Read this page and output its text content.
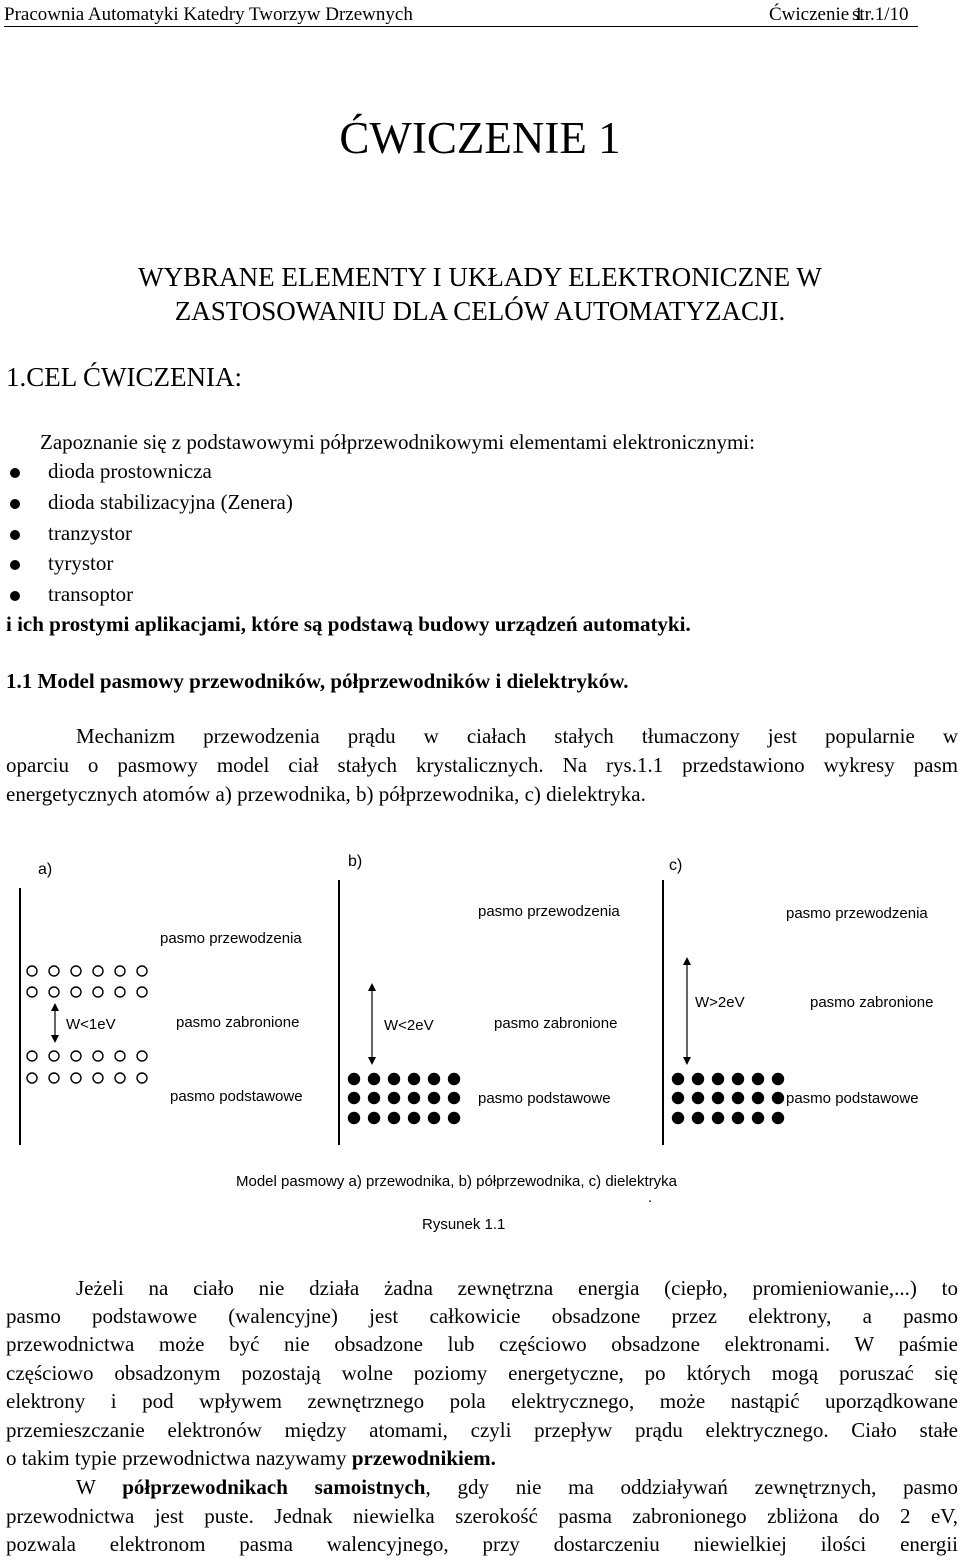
Pracownia Automatyki Katedry Tworzyw Drzewnych	Ćwiczenie 1
str.1/10
ĆWICZENIE 1
WYBRANE ELEMENTY I UKŁADY ELEKTRONICZNE W
ZASTOSOWANIU DLA CELÓW AUTOMATYZACJI.
1.CEL ĆWICZENIA:
Zapoznanie się z podstawowymi półprzewodnikowymi elementami elektronicznymi:
dioda prostownicza
dioda stabilizacyjna (Zenera)
tranzystor
tyrystor
transoptor
i ich prostymi aplikacjami, które są podstawą budowy urządzeń automatyki.
1.1 Model pasmowy przewodników, półprzewodników i dielektryków.
Mechanizm przewodzenia prądu w ciałach stałych tłumaczony jest popularnie w
oparciu o pasmowy model ciał stałych krystalicznych. Na rys.1.1 przedstawiono wykresy pasm
energetycznych atomów a) przewodnika, b) półprzewodnika, c) dielektryka.
a)
pasmo przewodzenia
pasmo zabronione
pasmo podstawowe
W<1eV
b)
pasmo przewodzenia
pasmo zabronione
pasmo podstawowe
W<2eV
c)
pasmo przewodzenia
pasmo zabronione
pasmo podstawowe
W>2eV
Model pasmowy a) przewodnika, b) półprzewodnika, c) dielektryka
.
Rysunek 1.1
Jeżeli na ciało nie działa żadna zewnętrzna energia (ciepło, promieniowanie,...) to
pasmo podstawowe (walencyjne) jest całkowicie obsadzone przez elektrony, a pasmo
przewodnictwa może być nie obsadzone lub częściowo obsadzone elektronami. W paśmie
częściowo obsadzonym pozostają wolne poziomy energetyczne, po których mogą poruszać się
elektrony i pod wpływem zewnętrznego pola elektrycznego, może nastąpić uporządkowane
przemieszczanie elektronów między atomami, czyli przepływ prądu elektrycznego. Ciało stałe
o takim typie przewodnictwa nazywamy przewodnikiem.
W półprzewodnikach samoistnych, gdy nie ma oddziaływań zewnętrznych, pasmo
przewodnictwa jest puste. Jednak niewielka szerokość pasma zabronionego zbliżona do 2 eV,
pozwala elektronom pasma walencyjnego, przy dostarczeniu niewielkiej ilości energii
